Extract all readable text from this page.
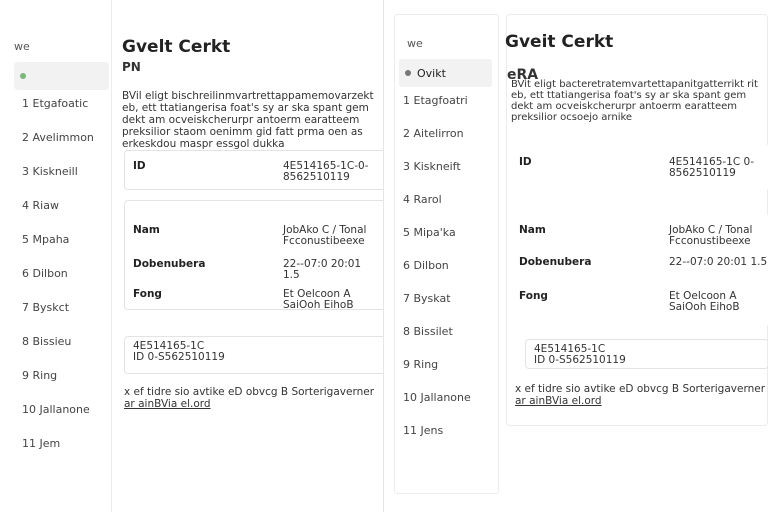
we
1 Etgafoatic
2 Avelimmon
3 Kiskneill
4 Riaw
5 Mpaha
6 Dilbon
7 Byskct
8 Bissieu
9 Ring
10 Jallanone
11 Jem
Gvelt Cerkt
PN

BVil eligt bischreilinmvartrettappamemovarzekt eb, ett ttatiangerisa foat's sy ar ska spant gem dekt am ocveiskcherurpr antoerm earatteem preksilior staom oenimm gid fatt prma oen as erkeskdou maspr essgol dukka

ID	4E514165-1C-0-8562510119
Nam	JobAko C / Tonal Fcconustibeexe
Dobenubera	22--07:0 20:01 1.5
Fong	Et Oelcoon A SaiOoh EihoB
4E514165-1C
ID 0-S562510119

x ef tidre sio avtike eD obvcg B Sorterigaverner ar ainBVia el.ord

we
Ovikt
1 Etagfoatri
2 Aitelirron
3 Kiskneift
4 Rarol
5 Mipa'ka
6 Dilbon
7 Byskat
8 Bissilet
9 Ring
10 Jallanone
11 Jens
Gveit Cerkt
eRA

BVit eligt bacteretratemvartettapanitgatterrikt rit eb, ett ttatiangerisa foat's sy ar ska spant gem dekt am ocveiskcherurpr antoerm earatteem preksilior ocsoejo arnike

ID	4E514165-1C 0-8562510119
Nam	JobAko C / Tonal Fcconustibeexe
Dobenubera	22--07:0 20:01 1.5
Fong	Et Oelcoon A SaiOoh EihoB
4E514165-1C
ID 0-S562510119

x ef tidre sio avtike eD obvcg B Sorterigaverner ar ainBVia el.ord
